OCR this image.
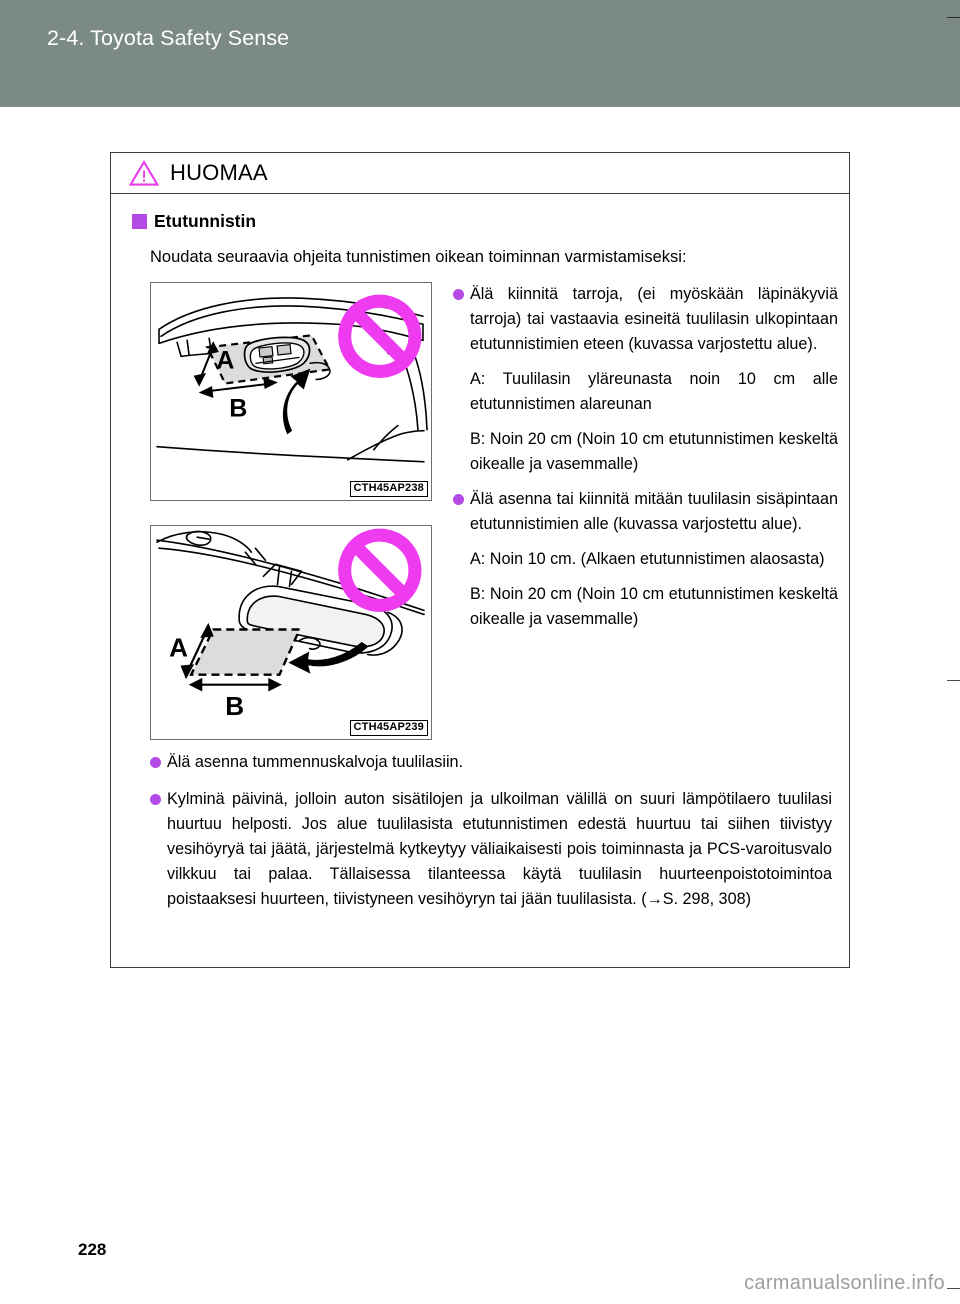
2-4. Toyota Safety Sense
HUOMAA
Etutunnistin
Noudata seuraavia ohjeita tunnistimen oikean toiminnan varmistamiseksi:
A
B
CTH45AP238
A
B
CTH45AP239
Älä kiinnitä tarroja, (ei myöskään läpinäkyviä tarroja) tai vastaavia esineitä tuulilasin ulkopintaan etutunnistimien eteen (kuvassa varjostettu alue).
A: Tuulilasin yläreunasta noin 10 cm alle etutunnistimen alareunan
B: Noin 20 cm (Noin 10 cm etutunnistimen keskeltä oikealle ja vasemmalle)
Älä asenna tai kiinnitä mitään tuulilasin sisäpintaan etutunnistimien alle (kuvassa varjostettu alue).
A: Noin 10 cm. (Alkaen etutunnistimen alaosasta)
B: Noin 20 cm (Noin 10 cm etutunnistimen keskeltä oikealle ja vasemmalle)
Älä asenna tummennuskalvoja tuulilasiin.
Kylminä päivinä, jolloin auton sisätilojen ja ulkoilman välillä on suuri lämpötilaero tuulilasi huurtuu helposti. Jos alue tuulilasista etutunnistimen edestä huurtuu tai siihen tiivistyy vesihöyryä tai jäätä, järjestelmä kytkeytyy väliaikaisesti pois toiminnasta ja PCS-varoitusvalo vilkkuu tai palaa. Tällaisessa tilanteessa käytä tuulilasin huurteenpoistotoimintoa poistaaksesi huurteen, tiivistyneen vesihöyryn tai jään tuulilasista. (→S. 298, 308)
228
carmanualsonline.info
